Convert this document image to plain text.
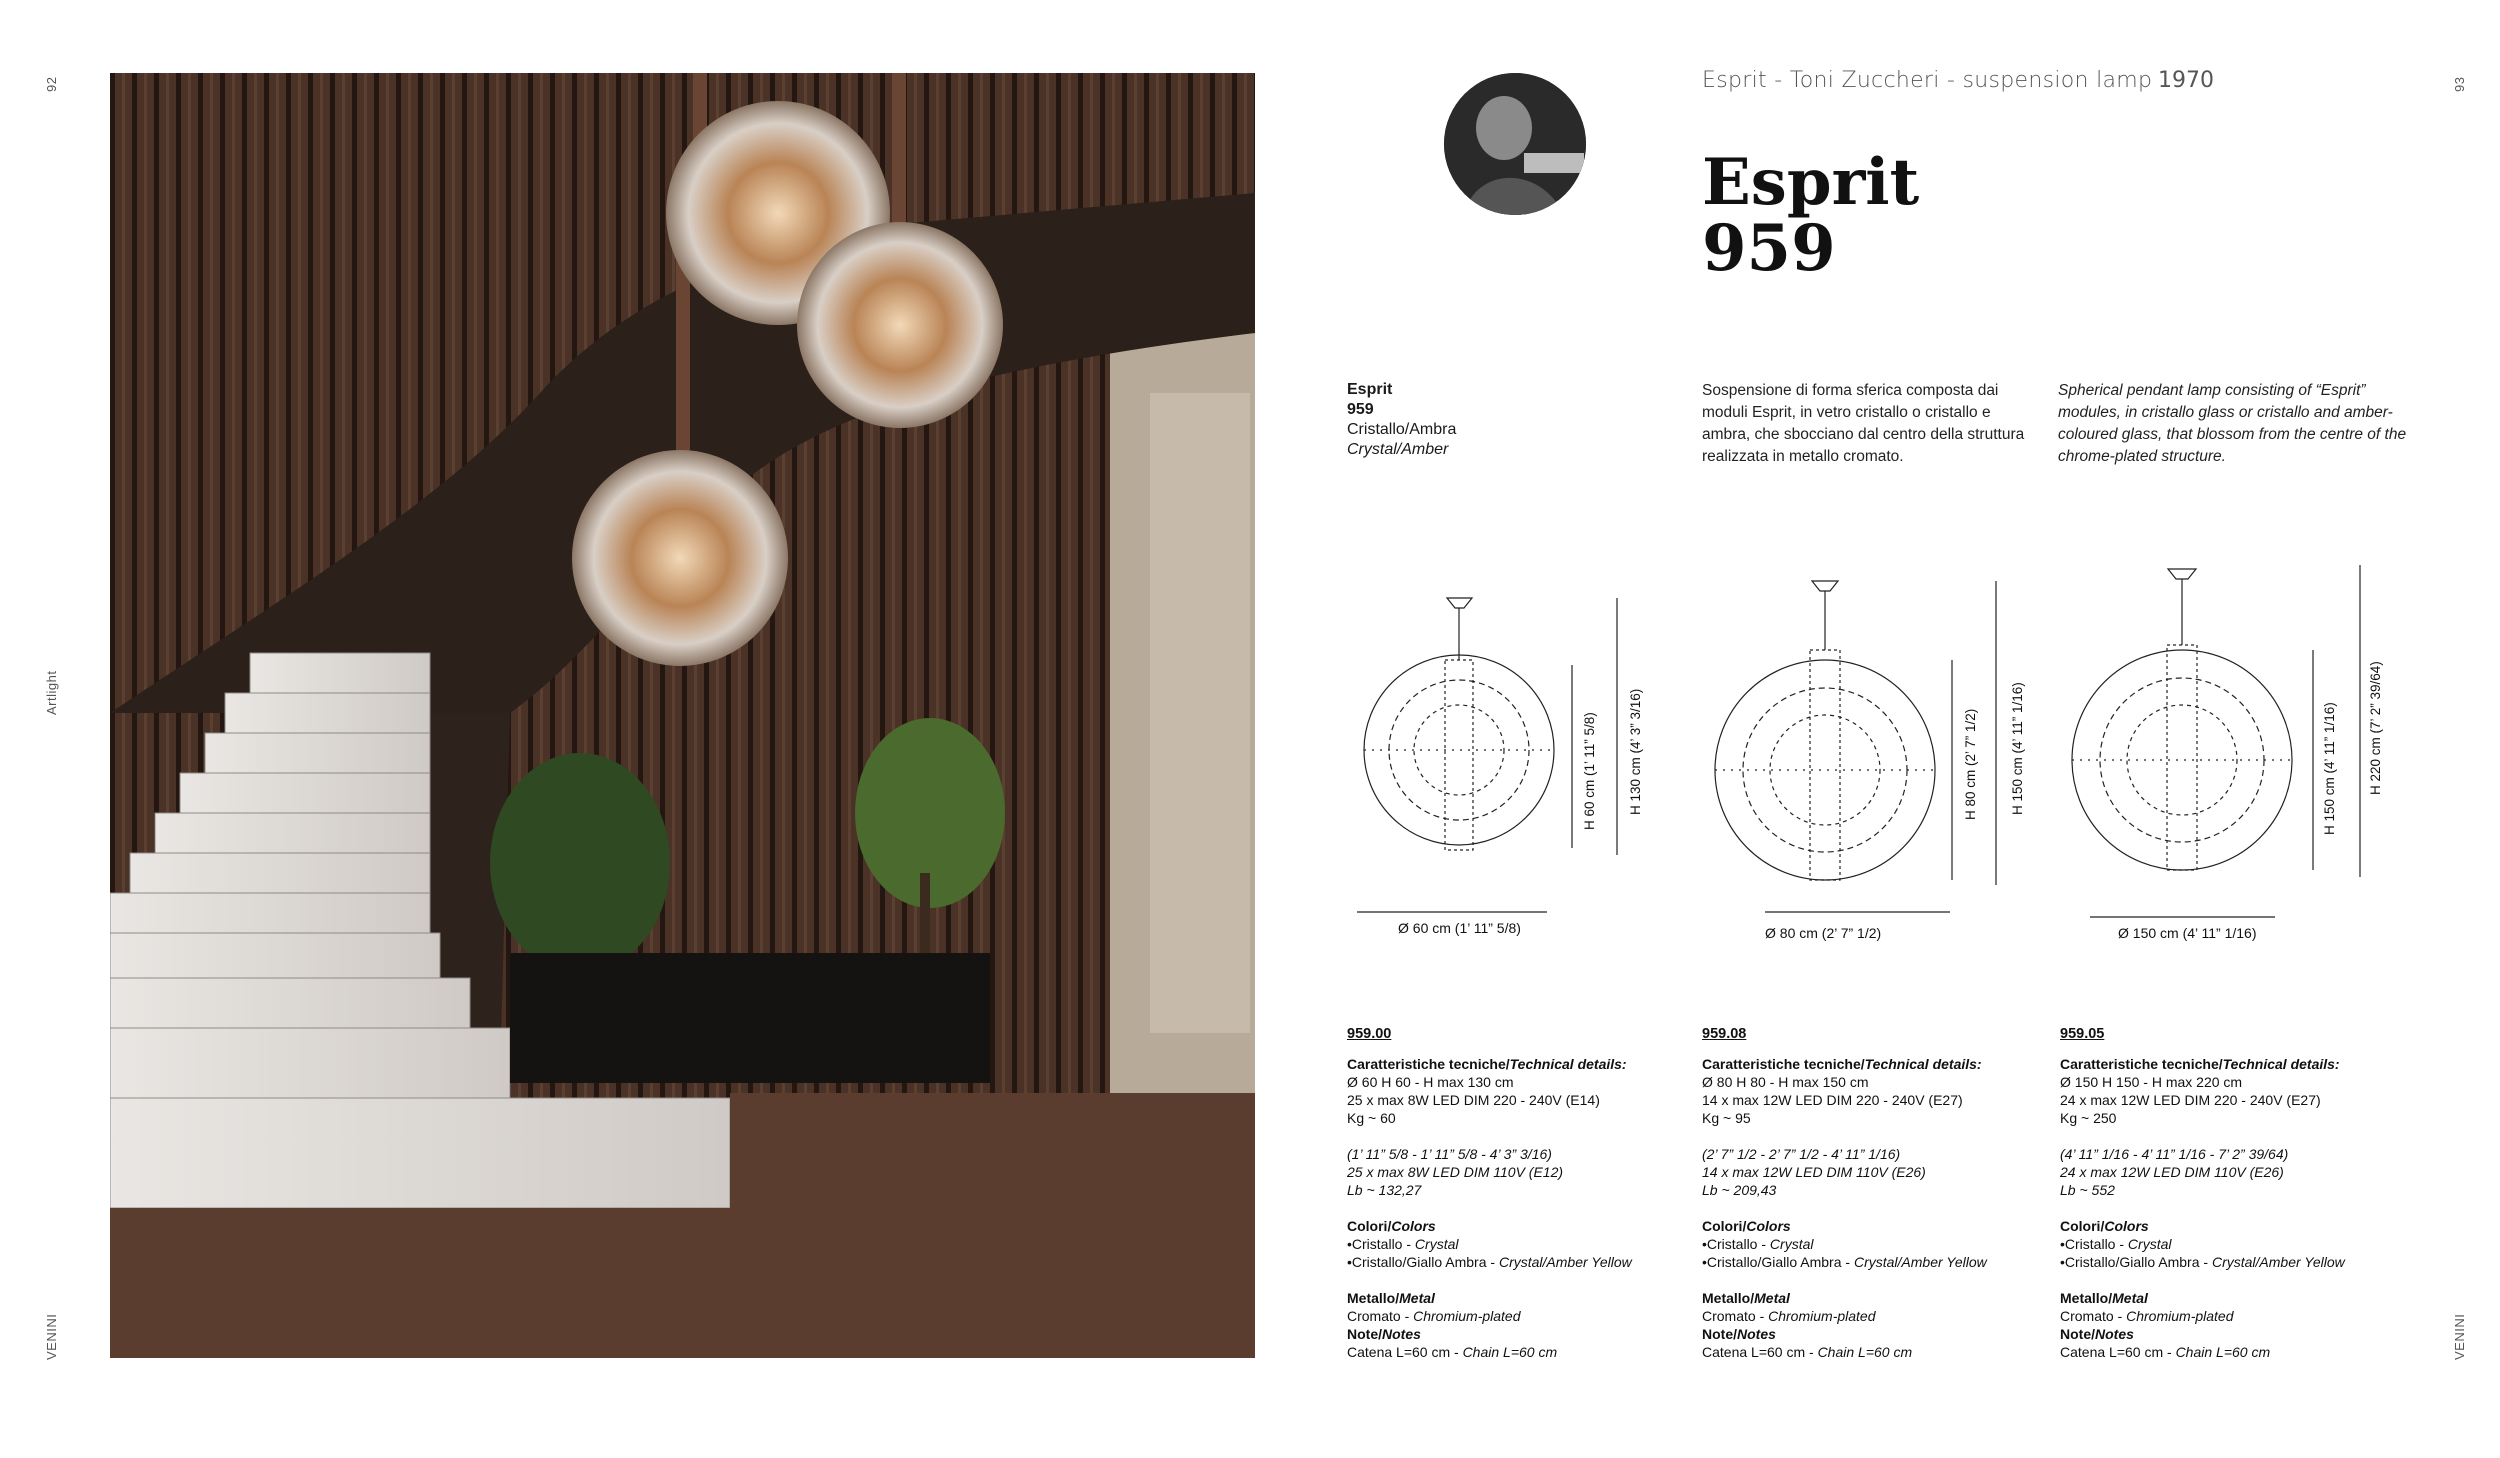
92
Artlight
VENINI
93
VENINI
Esprit - Toni Zuccheri - suspension lamp 1970
Esprit
959
Esprit
959
Cristallo/Ambra
Crystal/Amber
Sospensione di forma sferica composta dai moduli Esprit, in vetro cristallo o cristallo e ambra, che sbocciano dal centro della struttura realizzata in metallo cromato.
Spherical pendant lamp consisting of “Esprit” modules, in cristallo glass or cristallo and amber-coloured glass, that blossom from the centre of the chrome-plated structure.
H 60 cm (1’ 11” 5/8) H 130 cm (4’ 3” 3/16)
Ø 60 cm (1’ 11” 5/8)
H 80 cm (2’ 7” 1/2) H 150 cm (4’ 11” 1/16)
Ø 80 cm (2’ 7” 1/2)
H 150 cm (4’ 11” 1/16) H 220 cm (7’ 2” 39/64)
Ø 150 cm (4’ 11” 1/16)
959.00
Caratteristiche tecniche/Technical details:
Ø 60 H 60 - H max 130 cm
25 x max 8W LED DIM 220 - 240V (E14)
Kg ~ 60
(1’ 11” 5/8 - 1’ 11” 5/8 - 4’ 3” 3/16)
25 x max 8W LED DIM 110V (E12)
Lb ~ 132,27
Colori/Colors
•Cristallo - Crystal
•Cristallo/Giallo Ambra - Crystal/Amber Yellow
Metallo/Metal
Cromato - Chromium-plated
Note/Notes
Catena L=60 cm - Chain L=60 cm
959.08
Caratteristiche tecniche/Technical details:
Ø 80 H 80 - H max 150 cm
14 x max 12W LED DIM 220 - 240V (E27)
Kg ~ 95
(2’ 7” 1/2 - 2’ 7” 1/2 - 4’ 11” 1/16)
14 x max 12W LED DIM 110V (E26)
Lb ~ 209,43
Colori/Colors
•Cristallo - Crystal
•Cristallo/Giallo Ambra - Crystal/Amber Yellow
Metallo/Metal
Cromato - Chromium-plated
Note/Notes
Catena L=60 cm - Chain L=60 cm
959.05
Caratteristiche tecniche/Technical details:
Ø 150 H 150 - H max 220 cm
24 x max 12W LED DIM 220 - 240V (E27)
Kg ~ 250
(4’ 11” 1/16 - 4’ 11” 1/16 - 7’ 2” 39/64)
24 x max 12W LED DIM 110V (E26)
Lb ~ 552
Colori/Colors
•Cristallo - Crystal
•Cristallo/Giallo Ambra - Crystal/Amber Yellow
Metallo/Metal
Cromato - Chromium-plated
Note/Notes
Catena L=60 cm - Chain L=60 cm
